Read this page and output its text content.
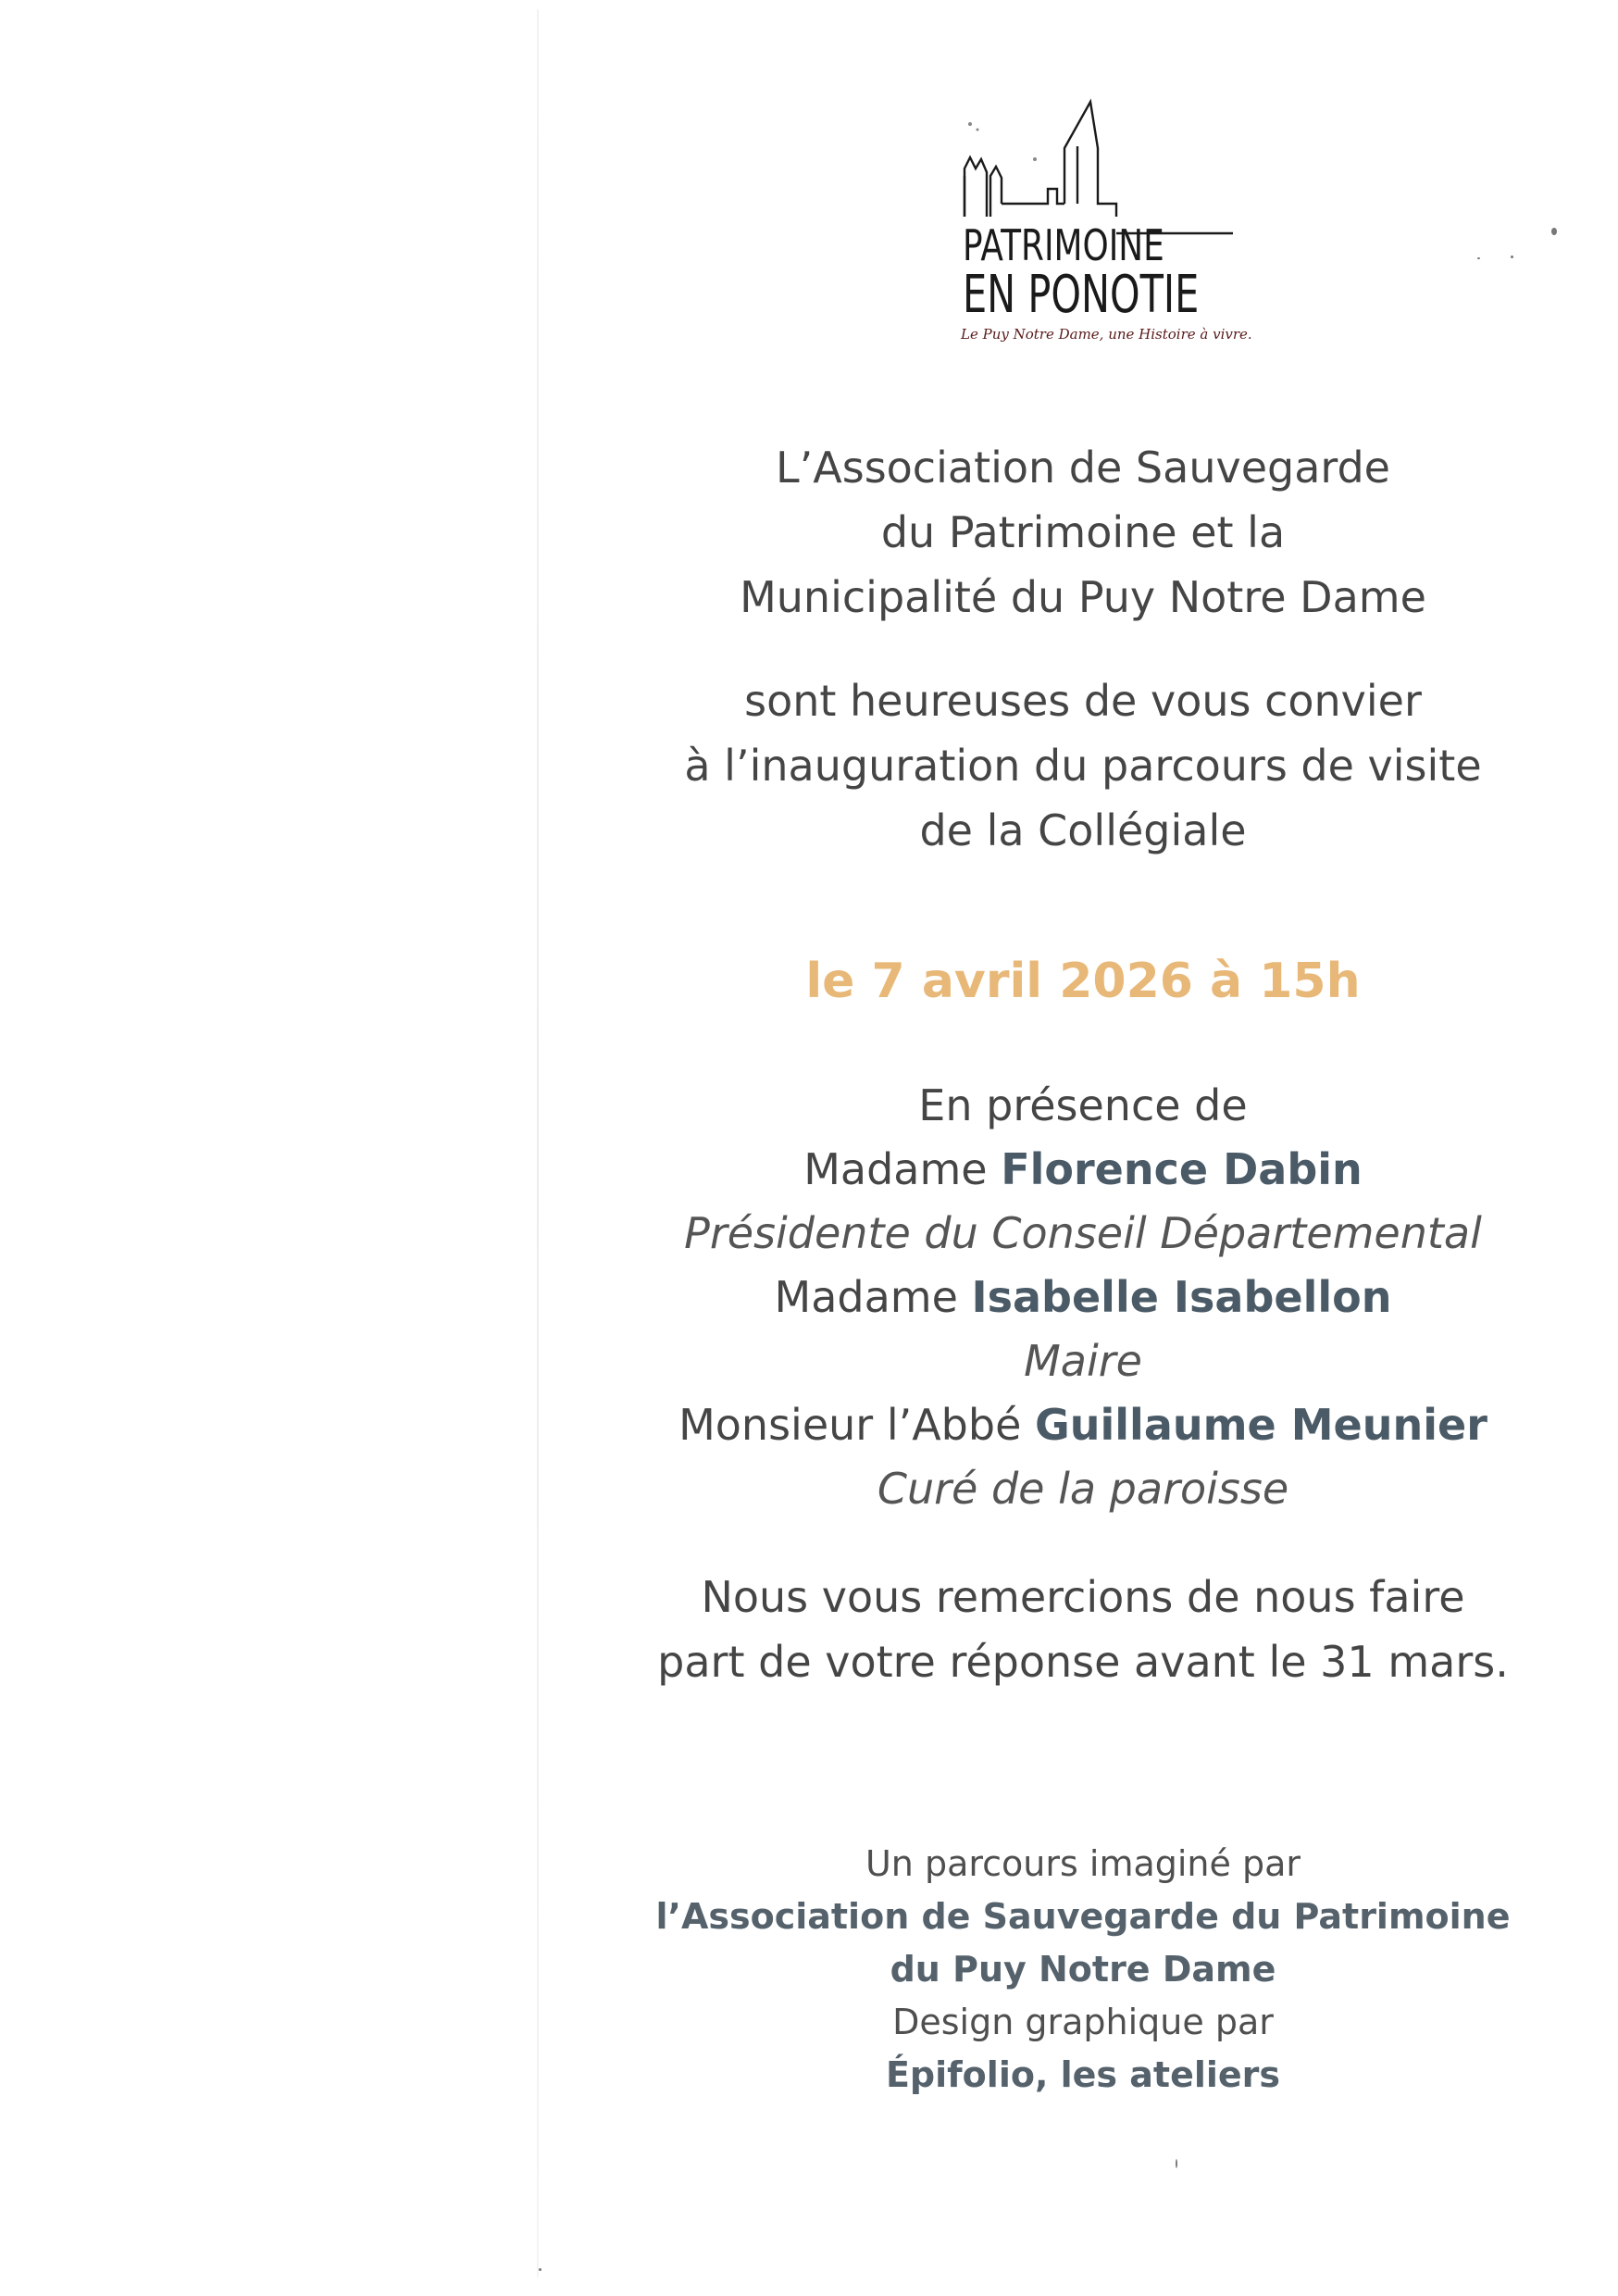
PATRIMOINE
EN PONOTIE
Le Puy Notre Dame, une Histoire à vivre.
L’Association de Sauvegarde
du Patrimoine et la
Municipalité du Puy Notre Dame
sont heureuses de vous convier
à l’inauguration du parcours de visite
de la Collégiale
le 7 avril 2026 à 15h
En présence de
Madame Florence Dabin
Présidente du Conseil Départemental
Madame Isabelle Isabellon
Maire
Monsieur l’Abbé Guillaume Meunier
Curé de la paroisse
Nous vous remercions de nous faire
part de votre réponse avant le 31 mars.
Un parcours imaginé par
l’Association de Sauvegarde du Patrimoine
du Puy Notre Dame
Design graphique par
Épifolio, les ateliers
